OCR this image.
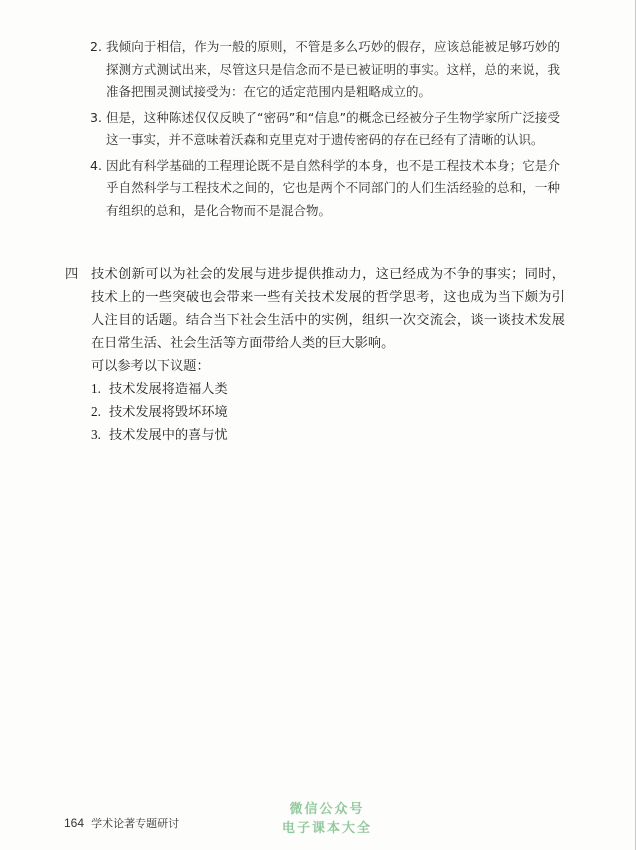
2. 我倾向于相信，作为一般的原则，不管是多么巧妙的假存，应该总能被足够巧妙的探测方式测试出来，尽管这只是信念而不是已被证明的事实。这样，总的来说，我准备把围灵测试接受为：在它的适定范围内是粗略成立的。
3. 但是，这种陈述仅仅反映了“密码”和“信息”的概念已经被分子生物学家所广泛接受这一事实，并不意味着沃森和克里克对于遗传密码的存在已经有了清晰的认识。
4. 因此有科学基础的工程理论既不是自然科学的本身，也不是工程技术本身；它是介乎自然科学与工程技术之间的，它也是两个不同部门的人们生活经验的总和，一种有组织的总和，是化合物而不是混合物。
四 技术创新可以为社会的发展与进步提供推动力，这已经成为不争的事实；同时，技术上的一些突破也会带来一些有关技术发展的哲学思考，这也成为当下颇为引人注目的话题。结合当下社会生活中的实例，组织一次交流会，谈一谈技术发展在日常生活、社会生活等方面带给人类的巨大影响。
可以参考以下议题：
1. 技术发展将造福人类
2. 技术发展将毁坏环境
3. 技术发展中的喜与忧
164 学术论著专题研讨
微信公众号
电子课本大全
